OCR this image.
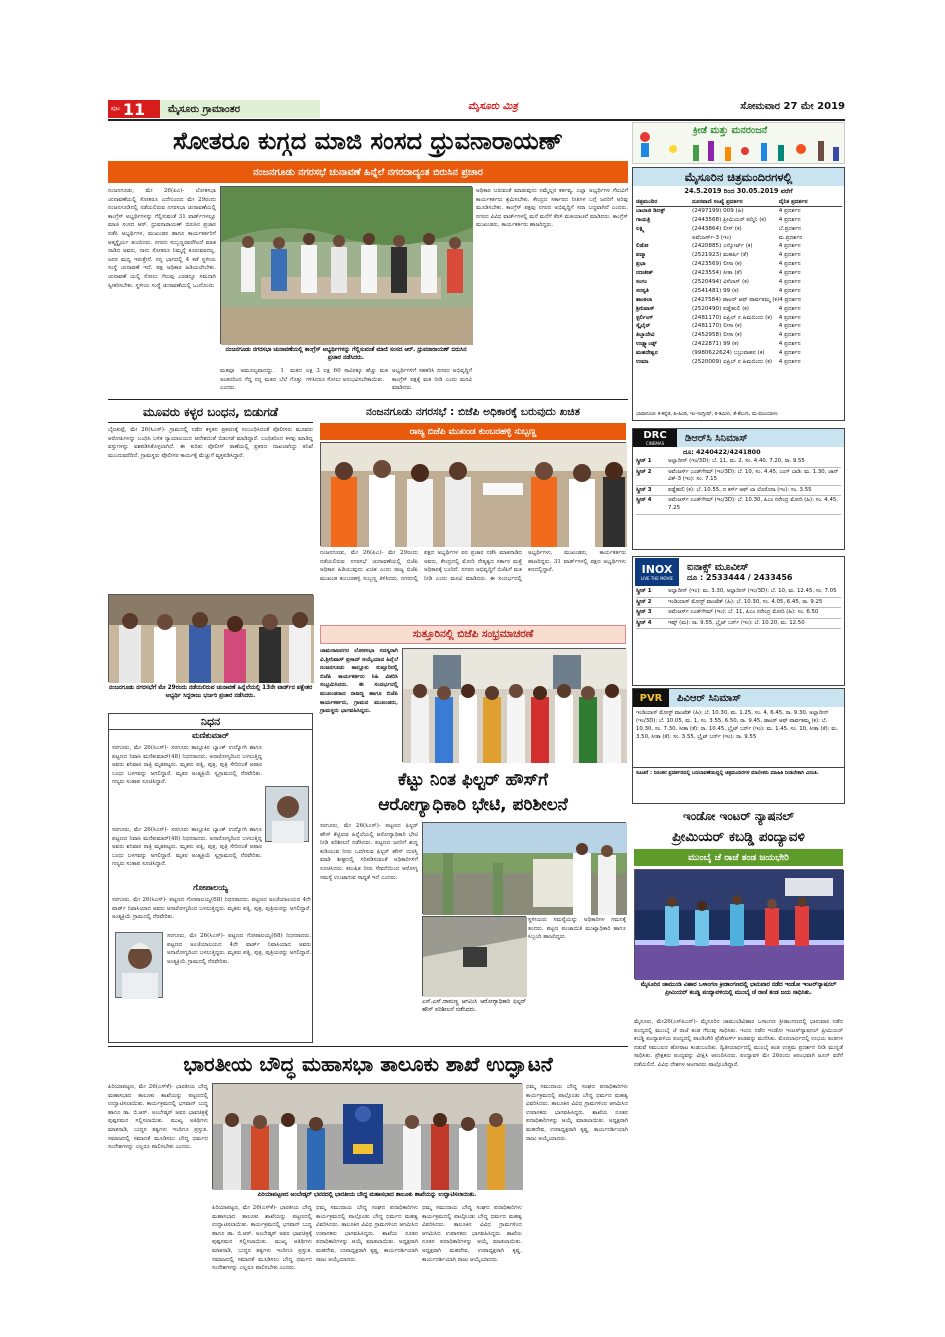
ಪುಟ 11 ಮೈಸೂರು ಗ್ರಾಮಾಂತರ	ಮೈಸೂರು ಮಿತ್ರ	ಸೋಮವಾರ 27 ಮೇ 2019
ಸೋತರೂ ಕುಗ್ಗದ ಮಾಜಿ ಸಂಸದ ಧ್ರುವನಾರಾಯಣ್
ನಂಜನಗೂಡು ನಗರಸಭೆ ಚುನಾವಣೆ ಹಿನ್ನೆಲೆ ನಗರದಾದ್ಯಂತ ಬಿರುಸಿನ ಪ್ರಚಾರ
ಕ್ರೀಡೆ ಮತ್ತು ಮನರಂಜನೆ
ನಂಜನಗೂಡು, ಮೇ 26(ಪಿಎ)- ಲೋಕಸಭಾ ಚುನಾವಣೆಯಲ್ಲಿ ಸೋತರೂ ಎದೆಗುಂದದ ಮೇ 29ರಂದು ನಂಜನಗೂಡಿನಲ್ಲಿ ನಡೆಯಲಿರುವ ನಗರಸಭಾ ಚುನಾವಣೆಯಲ್ಲಿ ಕಾಂಗ್ರೆಸ್ ಅಭ್ಯರ್ಥಿಗಳನ್ನು ಗೆಲ್ಲಿಸುವಂತೆ 31 ವಾರ್ಡ್‌ಗಳಲ್ಲೂ ಮಾಜಿ ಸಂಸದ ಆರ್. ಧ್ರುವನಾರಾಯಣ್ ಬಿರುಸಿನ ಪ್ರಚಾರ ನಡೆಸಿ ಅಭ್ಯರ್ಥಿಗಳ, ಮುಖಂಡರ ಹಾಗೂ ಕಾರ್ಯಕರ್ತರಿಗೆ ಆತ್ಮಸ್ಥೈರ್ಯ ತುಂಬಿದರು. ನಗರದ ಸುಬ್ಬಣ್ಣರವರೆಗಿಂದೆ ಮಾತ ನಾಡಿದ ಅವರು, ನಾನು ಸೋತರೂ ನಿಮ್ಮನ್ನೆ ಕೂರುವವನಲ್ಲ. ಜನರ ಮಧ್ಯ ಇರುತ್ತೇನೆ. ನನ್ನ ಭಾಗದಲ್ಲಿ 4 ಕಡೆ ಸ್ಥಳೀಯ ಸಂಸ್ಥೆ ಚುನಾವಣೆ ಇದೆ. ಪಕ್ಷ ಅಧಿಕಾರ ಹಿಡಿಯಲೇಬೇಕು. ಚುನಾವಣೆ ಯಲ್ಲಿ ಸೋಲು ಗೆಲುವು ಎರಡನ್ನೂ ಸಮನಾಗಿ ಸ್ವೀಕರಿಸಬೇಕು. ಸ್ಥಳೀಯ ಸಂಸ್ಥೆ ಚುನಾವಣೆಯಲ್ಲಿ ಒಂದೊಂದು
ನಂಜನಗೂಡು ನಗರಸಭಾ ಚುನಾವಣೆಯಲ್ಲಿ ಕಾಂಗ್ರೆಸ್ ಅಭ್ಯರ್ಥಿಗಳನ್ನು ಗೆಲ್ಲಿಸುವಂತೆ ಮಾಜಿ ಸಂಸದ ಆರ್. ಧ್ರುವನಾರಾಯಣ್ ಬಿರುಸಿನ ಪ್ರಚಾರ ನಡೆಸಿದರು.
ಅಧಿಕಾರ ಬರುವಂತೆ ಮಾಡುವುದು ನಮ್ಮೆಲ್ಲರ ಕರ್ತವ್ಯ. ಎಲ್ಲಾ ಅಭ್ಯರ್ಥಿಗಳ ಗೆಲುವಿಗೆ ಕಾರ್ಯಕರ್ತರು ಶ್ರಮಿಸಬೇಕು. ಕೇಂದ್ರದ ಸರ್ಕಾರದ ನೀತಿಗಳ ಬಗ್ಗೆ ಜನರಿಗೆ ಅರಿವು ಮೂಡಿಸಬೇಕು. ಕಾಂಗ್ರೆಸ್ ಪಕ್ಷವು ನಗರದ ಅಭಿವೃದ್ಧಿಗೆ ಸದಾ ಬದ್ಧವಾಗಿದೆ ಎಂದರು. ನಗರದ ವಿವಿಧ ವಾರ್ಡ್‌ಗಳಲ್ಲಿ ಮನೆ ಮನೆಗೆ ತೆರಳಿ ಮತಯಾಚನೆ ಮಾಡಿದರು. ಕಾಂಗ್ರೆಸ್ ಮುಖಂಡರು, ಕಾರ್ಯಕರ್ತರು ಹಾಜರಿದ್ದರು.
ಮತವೂ ಅಮೂಲ್ಯವಾದದ್ದು. 1 ಮತದ ಅಂತರದಿಂದ ಗೆದ್ದ ನನ್ನ ಮತದ ಬೆಲೆ ಗೊತ್ತು ಎಂದರು.
ಲಕ್ಷ 3 ಲಕ್ಷ 60 ಸಾವಿರಕ್ಕೂ ಹೆಚ್ಚು ಮತ ಗಳಿಸಿದರೂ ಸೋಲು ಅನುಭವಿಸಬೇಕಾಯಿತು.
ಅಭ್ಯರ್ಥಿಗಳಿಗೆ ಸಹಕರಿಸಿ ನಗರದ ಅಭಿವೃದ್ಧಿಗೆ ಕಾಂಗ್ರೆಸ್ ಪಕ್ಷಕ್ಕೆ ಮತ ನೀಡಿ ಎಂದು ಮನವಿ ಮಾಡಿದರು.
ಮೈಸೂರಿನ ಚಿತ್ರಮಂದಿರಗಳಲ್ಲಿ
24.5.2019 ರಿಂದ 30.05.2019 ವರೆಗೆ
ಚಿತ್ರಮಂದಿರ	ದೂರವಾಣಿ ಸಂಖ್ಯೆ ಪ್ರದರ್ಶನ	ದೈನಿಕ ಪ್ರದರ್ಶನ
ಬಾಲಾಜಿ ಡಿಲಕ್ಸ್	(2497199) 009 (ಹಿ)	4 ಪ್ರದರ್ಶನ
ಗಾಯತ್ರಿ	(2443568) ಪ್ರೀಮಿಯರ್ ಪದ್ಮಿನಿ (ಕ)	4 ಪ್ರದರ್ಶನ
ಲಕ್ಷ್ಮಿ	(2443864) ಲೀಸ್ (ಕ)	ಬೆ.ಪ್ರದರ್ಶನ
ಅವೆಂಜರ್ಸ್-3 (ಇಂ)	ಮ.ಪ್ರದರ್ಶನ
ಲಿಡೋ	(2420885) ಎಸ್ಕೋರ್ಟ್ (ಕ)	4 ಪ್ರದರ್ಶನ
ಪದ್ಮಾ	(2521923) ಮಹರ್ಷಿ (ತೆ)	4 ಪ್ರದರ್ಶನ
ಪ್ರಭಾ	(2423569) ಲೀಸಾ (ಕ)	4 ಪ್ರದರ್ಶನ
ರಣಜೀತ್	(2423554) ಸೀತಾ (ತೆ)	4 ಪ್ರದರ್ಶನ
ಸಂಗಂ	(2520494) ವಿಸೆಲಾಸ್ (ಕ)	4 ಪ್ರದರ್ಶನ
ಸರಸ್ವತಿ	(2541481) 99 (ಕ)	4 ಪ್ರದರ್ಶನ
ಶಾಂತಲಾ	(2427584) ಡಾಟರ್ ಆಫ್ ಪಾರ್ವತಮ್ಮ (ಕ) 4 ಪ್ರದರ್ಶನ
ಶ್ರೀನಿವಾಸ್	(2520490) ಪಡ್ಡೆಹುಲಿ (ಕ)	4 ಪ್ರದರ್ಶನ
ಸ್ಟರ್ಲಿಂಗ್	(2481170) ಏಪ್ರಿಲ್ ನ ಹಿಮಬಿಂದು (ಕ)	4 ಪ್ರದರ್ಶನ
ಸ್ಕೈಲೈನ್	(2481170) ಲೀಸಾ (ಕ)	4 ಪ್ರದರ್ಶನ
ತಿಬ್ಬಾದೇವಿ	(2452958) ಲೀಸಾ (ಕ)	4 ಪ್ರದರ್ಶನ
ಉಡ್ಲ್ಯಾಂಡ್ಸ್	(2422871) 99 (ಕ)	4 ಪ್ರದರ್ಶನ
ಮಹದೇಶ್ವರ	(9980622624) ಬಬ್ರುವಾಹನ (ಕ)	4 ಪ್ರದರ್ಶನ
ಉಮಾ	(2520009) ಏಪ್ರಿಲ್ ನ ಹಿಮಬಿಂದು (ಕ)	4 ಪ್ರದರ್ಶನ
ಭಾಷಾಸೂಚಿ: ಕ-ಕನ್ನಡ, ಹಿ-ಹಿಂದಿ, ಇಂ-ಇಂಗ್ಲೀಷ್, ತ-ತಮಿಳು, ತೆ-ತೆಲುಗು, ಮ-ಮಲಯಾಳಂ
DRC
CINEMAS ಡಿಆರ್‌ಸಿ ಸಿನಿಮಾಸ್
ದೂ: 4240422/4241800
ಸ್ಕ್ರೀನ್ 1	ಅಲ್ಲಾದೀನ್ (ಇಂ/3D): ಬೆ. 11, ಮ. 2, ಸಂ. 4.40, 7.20, ರಾ. 9.55
ಸ್ಕ್ರೀನ್ 2	ಅವೆಂಜರ್ಸ್ ಎಂಡ್‌ಗೇಮ್ (ಇಂ/3D): ಬೆ. 10, ಸಂ. 4.45, ಎಂಗ್ ಬಾಡಿ: ಮ. 1.30, ಜಾನ್ ವಿಕ್-3 (ಇಂ): ಸಂ. 7.15
ಸ್ಕ್ರೀನ್ 3	ಪಡ್ಡೆಹುಲಿ (ಕ): ಬೆ. 10.55, ದ ಕರ್ಸ್ ಆಫ್ ಲಾ ಲೊರೊನಾ (ಇಂ): ಸಂ. 3.55
ಸ್ಕ್ರೀನ್ 4	ಅವೆಂಜರ್ಸ್ ಎಂಡ್‌ಗೇಮ್ (ಇಂ/3D): ಬೆ. 10.30, ಪಿಎಂ ನರೇಂದ್ರ ಮೋದಿ (ಹಿ): ಸಂ. 4.45, 7.25
INOX
LIVE THE MOVIE
ಐನಾಕ್ಸ್ ಮೂವೀಸ್
ದೂ : 2533444 / 2433456
ಸ್ಕ್ರೀನ್ 1	ಅಲ್ಲಾದೀನ್ (ಇಂ): ಮ. 3.30, ಅಲ್ಲಾದೀನ್ (ಇಂ/3D): ಬೆ. 10, ಮ. 12.45, ಸಂ. 7.05
ಸ್ಕ್ರೀನ್ 2	ಇಂಡಿಯಾಸ್ ಮೋಸ್ಟ್ ವಾಂಟೆಡ್ (ಹಿ): ಬೆ. 10.30, ಸಂ. 4.05, 6.45, ರಾ. 9.25
ಸ್ಕ್ರೀನ್ 3	ಅವೆಂಜರ್ಸ್ ಎಂಡ್‌ಗೇಮ್ (ಇಂ): ಬೆ. 11, ಪಿಎಂ ನರೇಂದ್ರ ಮೋದಿ (ಹಿ): ಸಂ. 6.50
ಸ್ಕ್ರೀನ್ 4	ಇಷ್ಕ್ (ಮ): ರಾ. 9.55, ಬ್ರೈಟ್ ಬರ್ನ್ (ಇಂ): ಬೆ. 10.20, ಮ. 12.50
PVR	ಪಿವಿಆರ್ ಸಿನಿಮಾಸ್
ಇಂಡಿಯಾಸ್ ಮೋಸ್ಟ್ ವಾಂಟೆಡ್ (ಹಿ): ಬೆ. 10.30, ಮ. 1.25, ಸಂ. 4, 6.45, ರಾ. 9.30, ಅಲ್ಲಾದೀನ್ (ಇಂ/3D): ಬೆ. 10.05, ಮ. 1, ಸಂ. 3.55, 6.50, ರಾ. 9.45, ಡಾಟರ್ ಆಫ್ ಪಾರ್ವತಮ್ಮ (ಕ): ಬೆ. 10.30, ಸಂ. 7.30, ಸೀತಾ (ತೆ): ರಾ. 10.45, ಬ್ರೈಟ್ ಬರ್ನ್ (ಇಂ): ಮ. 1.45, ಸಂ. 10, ಸೀತಾ (ತೆ): ಮ. 3.50, ಸೀತಾ (ತೆ): ಸಂ. 3.55, ಬ್ರೈಟ್ ಬರ್ನ್ (ಇಂ): ರಾ. 9.55
ಸೂಚನೆ : ನಿರಂತರ ಪ್ರದರ್ಶನದಲ್ಲಿ ಬದಲಾವಣೆಯಿದ್ದಲ್ಲಿ ಚಿತ್ರಮಂದಿರಗಳ ಮಾಲೀಕರು ಮಾಹಿತಿ ನೀಡಬೇಕಾಗಿ ವಿನಂತಿ.
ಮೂವರು ಕಳ್ಳರ ಬಂಧನ, ಬಿಡುಗಡೆ
ಬೈಲಕುಪ್ಪೆ, ಮೇ 26(ಸಿಎಸ್)- ಗ್ರಾಮದಲ್ಲಿ ನಡೆದ ಕಳ್ಳತನ ಪ್ರಕರಣಕ್ಕೆ ಸಂಬಂಧಿಸಿದಂತೆ ಪೊಲೀಸರು ಮೂವರು ಆರೋಪಿಗಳನ್ನು ಬಂಧಿಸಿ ಬಳಿಕ ನ್ಯಾಯಾಲಯದ ಆದೇಶದಂತೆ ಬಿಡುಗಡೆ ಮಾಡಿದ್ದಾರೆ. ಬಂಧಿತರಿಂದ ಕಳವು ಮಾಡಿದ್ದ ವಸ್ತುಗಳನ್ನು ವಶಪಡಿಸಿಕೊಳ್ಳಲಾಗಿದೆ. ಈ ಕುರಿತು ಪೊಲೀಸ್ ಠಾಣೆಯಲ್ಲಿ ಪ್ರಕರಣ ದಾಖಲಾಗಿದ್ದು ತನಿಖೆ ಮುಂದುವರೆದಿದೆ. ಗ್ರಾಮಸ್ಥರು ಪೊಲೀಸರ ಕಾರ್ಯಕ್ಕೆ ಮೆಚ್ಚುಗೆ ವ್ಯಕ್ತಪಡಿಸಿದ್ದಾರೆ.
ನಂಜನಗೂಡು ನಗರಸಭೆಗೆ ಮೇ 29ರಂದು ನಡೆಯಲಿರುವ ಚುನಾವಣೆ ಹಿನ್ನೆಲೆಯಲ್ಲಿ 13ನೇ ವಾರ್ಡ್‌ನ ಪಕ್ಷೇತರ ಅಭ್ಯರ್ಥಿ ಸಿದ್ದರಾಜು ಭರ್ಜರಿ ಪ್ರಚಾರ ನಡೆಸಿದರು.
ನಂಜನಗೂಡು ನಗರಸಭೆ : ಬಿಜೆಪಿ ಅಧಿಕಾರಕ್ಕೆ ಬರುವುದು ಖಚಿತ
ರಾಜ್ಯ ಬಿಜೆಪಿ ಮುಖಂಡ ಕುಂಬರಹಳ್ಳಿ ಸುಬ್ಬಣ್ಣ
ನಂಜನಗೂಡು, ಮೇ 26(ಪಿಎ)- ಮೇ 29ರಂದು ನಡೆಯಲಿರುವ ನಗರಸಭೆ ಚುನಾವಣೆಯಲ್ಲಿ ಬಿಜೆಪಿ ಅಧಿಕಾರ ಹಿಡಿಯುವುದು ಖಚಿತ ಎಂದು ರಾಜ್ಯ ಬಿಜೆಪಿ ಮುಖಂಡ ಕುಂಬರಹಳ್ಳಿ ಸುಬ್ಬಣ್ಣ ತಿಳಿಸಿದರು. ನಗರದಲ್ಲಿ ಪಕ್ಷದ ಅಭ್ಯರ್ಥಿಗಳ ಪರ ಪ್ರಚಾರ ನಡೆಸಿ ಮಾತನಾಡಿದ ಅವರು, ಕೇಂದ್ರದಲ್ಲಿ ಮೋದಿ ನೇತೃತ್ವದ ಸರ್ಕಾರ ಮತ್ತೆ ಅಧಿಕಾರಕ್ಕೆ ಬಂದಿದೆ. ನಗರದ ಅಭಿವೃದ್ಧಿಗೆ ಬಿಜೆಪಿಗೆ ಮತ ನೀಡಿ ಎಂದು ಮನವಿ ಮಾಡಿದರು. ಈ ಸಂದರ್ಭದಲ್ಲಿ ಅಭ್ಯರ್ಥಿಗಳು, ಮುಖಂಡರು, ಕಾರ್ಯಕರ್ತರು ಹಾಜರಿದ್ದರು. 31 ವಾರ್ಡ್‌ಗಳಲ್ಲಿ ಪಕ್ಷದ ಅಭ್ಯರ್ಥಿಗಳು ಕಣದಲ್ಲಿದ್ದಾರೆ.
ಸುತ್ತೂರಿನಲ್ಲಿ ಬಿಜೆಪಿ ಸಂಭ್ರಮಾಚರಣೆ
ಚಾಮರಾಜನಗರ ಲೋಕಸಭಾ ಸದಸ್ಯರಾಗಿ ವಿ.ಶ್ರೀನಿವಾಸ್ ಪ್ರಸಾದ್ ಆಯ್ಕೆಯಾದ ಹಿನ್ನೆಲೆ ನಂಜನಗೂಡು ತಾಲ್ಲೂಕು ಸುತ್ತೂರಿನಲ್ಲಿ ಬಿಜೆಪಿ ಕಾರ್ಯಕರ್ತರು ಸಿಹಿ ವಿತರಿಸಿ ಸಂಭ್ರಮಿಸಿದರು. ಈ ಸಂದರ್ಭದಲ್ಲಿ ಮುಖಂಡರಾದ ರಾಜಣ್ಣ ಹಾಗೂ ಬಿಜೆಪಿ ಕಾರ್ಯಕರ್ತರು, ಗ್ರಾಮದ ಮುಖಂಡರು, ಗ್ರಾಮಸ್ಥರು ಭಾಗವಹಿಸಿದ್ದರು.
ನಿಧನ
ಮಣಿಕುಮಾರ್
ಸರಗೂರು, ಮೇ 26(ಸಿಎಸ್)- ಸರಗೂರು ತಾಲ್ಲೂಕಿನ ಬ್ಯಾಂಕ್ ಉದ್ಯೋಗಿ ಹಾಗೂ ಪಟ್ಟಣದ ನಿವಾಸಿ ಮಣಿಕುಮಾರ್(48) ನಿಧನರಾದರು. ಅನಾರೋಗ್ಯದಿಂದ ಬಳಲುತ್ತಿದ್ದ ಅವರು ಶನಿವಾರ ರಾತ್ರಿ ಮೃತಪಟ್ಟರು. ಮೃತರು ಪತ್ನಿ, ಪುತ್ರ, ಪುತ್ರಿ ಸೇರಿದಂತೆ ಅಪಾರ ಬಂಧು ಬಳಗವನ್ನು ಅಗಲಿದ್ದಾರೆ. ಮೃತರ ಅಂತ್ಯಕ್ರಿಯೆ ಸ್ವಗ್ರಾಮದಲ್ಲಿ ನೆರವೇರಿತು. ಗಣ್ಯರು ಸಂತಾಪ ಸೂಚಿಸಿದ್ದಾರೆ.
ಸರಗೂರು, ಮೇ 26(ಸಿಎಸ್)- ಸರಗೂರು ತಾಲ್ಲೂಕಿನ ಬ್ಯಾಂಕ್ ಉದ್ಯೋಗಿ ಹಾಗೂ ಪಟ್ಟಣದ ನಿವಾಸಿ ಮಣಿಕುಮಾರ್(48) ನಿಧನರಾದರು. ಅನಾರೋಗ್ಯದಿಂದ ಬಳಲುತ್ತಿದ್ದ ಅವರು ಶನಿವಾರ ರಾತ್ರಿ ಮೃತಪಟ್ಟರು. ಮೃತರು ಪತ್ನಿ, ಪುತ್ರ, ಪುತ್ರಿ ಸೇರಿದಂತೆ ಅಪಾರ ಬಂಧು ಬಳಗವನ್ನು ಅಗಲಿದ್ದಾರೆ. ಮೃತರ ಅಂತ್ಯಕ್ರಿಯೆ ಸ್ವಗ್ರಾಮದಲ್ಲಿ ನೆರವೇರಿತು. ಗಣ್ಯರು ಸಂತಾಪ ಸೂಚಿಸಿದ್ದಾರೆ.
ಗೋಪಾಲಯ್ಯ
ಸರಗೂರು, ಮೇ 26(ಸಿಎಸ್)- ಪಟ್ಟಣದ ಗೋಪಾಲಯ್ಯ(68) ನಿಧನರಾದರು. ಪಟ್ಟಣದ ಅಂಚೆಯಾಲಯದ 4ನೇ ವಾರ್ಡ್ ನಿವಾಸಿಯಾದ ಅವರು ಅನಾರೋಗ್ಯದಿಂದ ಬಳಲುತ್ತಿದ್ದರು. ಮೃತರು ಪತ್ನಿ, ಪುತ್ರ, ಪುತ್ರಿಯರನ್ನು ಅಗಲಿದ್ದಾರೆ. ಅಂತ್ಯಕ್ರಿಯೆ ಗ್ರಾಮದಲ್ಲಿ ನೆರವೇರಿತು.
ಸರಗೂರು, ಮೇ 26(ಸಿಎಸ್)- ಪಟ್ಟಣದ ಗೋಪಾಲಯ್ಯ(68) ನಿಧನರಾದರು. ಪಟ್ಟಣದ ಅಂಚೆಯಾಲಯದ 4ನೇ ವಾರ್ಡ್ ನಿವಾಸಿಯಾದ ಅವರು ಅನಾರೋಗ್ಯದಿಂದ ಬಳಲುತ್ತಿದ್ದರು. ಮೃತರು ಪತ್ನಿ, ಪುತ್ರ, ಪುತ್ರಿಯರನ್ನು ಅಗಲಿದ್ದಾರೆ. ಅಂತ್ಯಕ್ರಿಯೆ ಗ್ರಾಮದಲ್ಲಿ ನೆರವೇರಿತು.
ಕೆಟ್ಟು ನಿಂತ ಫಿಲ್ಟರ್ ಹೌಸ್‌ಗೆ
ಆರೋಗ್ಯಾಧಿಕಾರಿ ಭೇಟಿ, ಪರಿಶೀಲನೆ
ಸರಗೂರು, ಮೇ 26(ಸಿಎಸ್)- ಪಟ್ಟಣದ ಫಿಲ್ಟರ್ ಹೌಸ್ ಕೆಟ್ಟಿರುವ ಹಿನ್ನೆಲೆಯಲ್ಲಿ ಆರೋಗ್ಯಾಧಿಕಾರಿ ಭೇಟಿ ನೀಡಿ ಪರಿಶೀಲನೆ ನಡೆಸಿದರು. ಪಟ್ಟಣದ ಜನರಿಗೆ ಶುದ್ಧ ಕುಡಿಯುವ ನೀರು ಒದಗಿಸುವ ಫಿಲ್ಟರ್ ಹೌಸ್ ದುರಸ್ತಿ ಮಾಡಿ ಶೀಘ್ರದಲ್ಲಿ ಸರಿಪಡಿಸುವಂತೆ ಅಧಿಕಾರಿಗಳಿಗೆ ಸೂಚಿಸಿದರು. ಕಲುಷಿತ ನೀರು ಸೇವನೆಯಿಂದ ಆರೋಗ್ಯ ಸಮಸ್ಯೆ ಉಂಟಾಗುವ ಸಾಧ್ಯತೆ ಇದೆ ಎಂದರು.
ಸ್ಥಳೀಯರು ಸಮಸ್ಯೆಯನ್ನು ಅಧಿಕಾರಿಗಳ ಗಮನಕ್ಕೆ ತಂದರು. ಪಟ್ಟಣ ಪಂಚಾಯಿತಿ ಮುಖ್ಯಾಧಿಕಾರಿ ಹಾಗೂ ಸಿಬ್ಬಂದಿ ಹಾಜರಿದ್ದರು.
ಎಸ್.ಎಸ್.ರಾಮಣ್ಣ ಆಗಮಿಸಿ ಆರೋಗ್ಯಾಧಿಕಾರಿ ಫಿಲ್ಟರ್ ಹೌಸ್ ಪರಿಶೀಲನೆ ನಡೆಸಿದರು.
ಇಂಡೋ ಇಂಟರ್ ನ್ಯಾಷನಲ್
ಪ್ರೀಮಿಯರ್ ಕಬಡ್ಡಿ ಪಂದ್ಯಾವಳಿ
ಮುಂಬೈ ಚೆ ರಾಜೆ ತಂಡ ಜಯಭೇರಿ
ಮೈಸೂರಿನ ಚಾಮುಂಡಿ ವಿಹಾರ ಒಳಾಂಗಣ ಕ್ರೀಡಾಂಗಣದಲ್ಲಿ ಭಾನುವಾರ ನಡೆದ ಇಂಡೋ ಇಂಟರ್‌ನ್ಯಾಷನಲ್ ಪ್ರೀಮಿಯರ್ ಕಬಡ್ಡಿ ಪಂದ್ಯಾವಳಿಯಲ್ಲಿ ಮುಂಬೈ ಚೆ ರಾಜೆ ತಂಡ ಜಯ ಸಾಧಿಸಿತು.
ಮೈಸೂರು, ಮೇ26(ಎಸ್‌ಪಿಎನ್)- ಮೈಸೂರಿನ ಚಾಮುಂಡಿವಿಹಾರ ಒಳಾಂಗಣ ಕ್ರೀಡಾಂಗಣದಲ್ಲಿ ಭಾನುವಾರ ನಡೆದ ಪಂದ್ಯದಲ್ಲಿ ಮುಂಬೈ ಚೆ ರಾಜೆ ತಂಡ ಗೆಲುವು ಸಾಧಿಸಿತು. ಇಂದು ನಡೆದ ಇಂಡೋ ಇಂಟರ್‌ನ್ಯಾಷನಲ್ ಪ್ರೀಮಿಯರ್ ಕಬಡ್ಡಿ ಪಂದ್ಯಾವಳಿಯ ಪಂದ್ಯದಲ್ಲಿ ಪಾಂಡಿಚೇರಿ ಪ್ರೆಡೇಟರ್ಸ್ ತಂಡವನ್ನು ಮಣಿಸಿತು. ಮೊದಲಾರ್ಧದಲ್ಲಿ ಉಭಯ ತಂಡಗಳ ನಡುವೆ ಸಮಬಲದ ಹೋರಾಟ ಕಂಡುಬಂದಿತು. ದ್ವಿತೀಯಾರ್ಧದಲ್ಲಿ ಮುಂಬೈ ತಂಡ ಉತ್ತಮ ಪ್ರದರ್ಶನ ನೀಡಿ ಮುನ್ನಡೆ ಸಾಧಿಸಿತು. ಪ್ರೇಕ್ಷಕರು ಪಂದ್ಯವನ್ನು ವೀಕ್ಷಿಸಿ ಆನಂದಿಸಿದರು. ಪಂದ್ಯಾವಳಿ ಮೇ 26ರಂದು ಆರಂಭವಾಗಿ ಜೂನ್ ವರೆಗೆ ನಡೆಯಲಿದೆ. ವಿವಿಧ ದೇಶಗಳ ಆಟಗಾರರು ಪಾಲ್ಗೊಂಡಿದ್ದಾರೆ.
ಭಾರತೀಯ ಬೌದ್ಧ ಮಹಾಸಭಾ ತಾಲೂಕು ಶಾಖೆ ಉದ್ಘಾಟನೆ
ಪಿರಿಯಾಪಟ್ಟಣ, ಮೇ 26(ಎಸ್‌ಕೆ)- ಭಾರತೀಯ ಬೌದ್ಧ ಮಹಾಸಭಾದ ತಾಲೂಕು ಶಾಖೆಯನ್ನು ಪಟ್ಟಣದಲ್ಲಿ ಉದ್ಘಾಟಿಸಲಾಯಿತು. ಕಾರ್ಯಕ್ರಮದಲ್ಲಿ ಭಗವಾನ್ ಬುದ್ಧ ಹಾಗೂ ಡಾ. ಬಿ.ಆರ್. ಅಂಬೇಡ್ಕರ್ ಅವರ ಭಾವಚಿತ್ರಕ್ಕೆ ಪುಷ್ಪನಮನ ಸಲ್ಲಿಸಲಾಯಿತು. ಮುಖ್ಯ ಅತಿಥಿಗಳು ಮಾತನಾಡಿ, ಬುದ್ಧನ ತತ್ವಗಳು ಇಂದಿಗೂ ಪ್ರಸ್ತುತ. ಸಮಾಜದಲ್ಲಿ ಸಮಾನತೆ ಮೂಡಿಸಲು ಬೌದ್ಧ ಧರ್ಮದ ಸಂದೇಶಗಳನ್ನು ಎಲ್ಲರೂ ಪಾಲಿಸಬೇಕು ಎಂದರು.
ಪಿರಿಯಾಪಟ್ಟಣದ ಅಂಬೇಡ್ಕರ್ ಭವನದಲ್ಲಿ ಭಾರತೀಯ ಬೌದ್ಧ ಮಹಾಸಭಾದ ತಾಲೂಕು ಶಾಖೆಯನ್ನು ಉದ್ಘಾಟಿಸಲಾಯಿತು.
ಪಿರಿಯಾಪಟ್ಟಣ, ಮೇ 26(ಎಸ್‌ಕೆ)- ಭಾರತೀಯ ಬೌದ್ಧ ಮಹಾಸಭಾದ ತಾಲೂಕು ಶಾಖೆಯನ್ನು ಪಟ್ಟಣದಲ್ಲಿ ಉದ್ಘಾಟಿಸಲಾಯಿತು. ಕಾರ್ಯಕ್ರಮದಲ್ಲಿ ಭಗವಾನ್ ಬುದ್ಧ ಹಾಗೂ ಡಾ. ಬಿ.ಆರ್. ಅಂಬೇಡ್ಕರ್ ಅವರ ಭಾವಚಿತ್ರಕ್ಕೆ ಪುಷ್ಪನಮನ ಸಲ್ಲಿಸಲಾಯಿತು. ಮುಖ್ಯ ಅತಿಥಿಗಳು ಮಾತನಾಡಿ, ಬುದ್ಧನ ತತ್ವಗಳು ಇಂದಿಗೂ ಪ್ರಸ್ತುತ. ಸಮಾಜದಲ್ಲಿ ಸಮಾನತೆ ಮೂಡಿಸಲು ಬೌದ್ಧ ಧರ್ಮದ ಸಂದೇಶಗಳನ್ನು ಎಲ್ಲರೂ ಪಾಲಿಸಬೇಕು ಎಂದರು.
ಧಮ್ಮ ಸಮುದಾಯ ಬೌದ್ಧ ಸಂಘದ ಪದಾಧಿಕಾರಿಗಳು ಕಾರ್ಯಕ್ರಮದಲ್ಲಿ ಪಾಲ್ಗೊಂಡು ಬೌದ್ಧ ಧರ್ಮದ ಮಹತ್ವ ವಿವರಿಸಿದರು. ತಾಲೂಕಿನ ವಿವಿಧ ಗ್ರಾಮಗಳಿಂದ ಆಗಮಿಸಿದ ಉಪಾಸಕರು ಭಾಗವಹಿಸಿದ್ದರು. ಶಾಖೆಯ ನೂತನ ಪದಾಧಿಕಾರಿಗಳನ್ನು ಆಯ್ಕೆ ಮಾಡಲಾಯಿತು. ಅಧ್ಯಕ್ಷರಾಗಿ ಮಹದೇವ, ಉಪಾಧ್ಯಕ್ಷರಾಗಿ ಕೃಷ್ಣ, ಕಾರ್ಯದರ್ಶಿಯಾಗಿ ರಾಜು ಆಯ್ಕೆಯಾದರು.
ಧಮ್ಮ ಸಮುದಾಯ ಬೌದ್ಧ ಸಂಘದ ಪದಾಧಿಕಾರಿಗಳು ಕಾರ್ಯಕ್ರಮದಲ್ಲಿ ಪಾಲ್ಗೊಂಡು ಬೌದ್ಧ ಧರ್ಮದ ಮಹತ್ವ ವಿವರಿಸಿದರು. ತಾಲೂಕಿನ ವಿವಿಧ ಗ್ರಾಮಗಳಿಂದ ಆಗಮಿಸಿದ ಉಪಾಸಕರು ಭಾಗವಹಿಸಿದ್ದರು. ಶಾಖೆಯ ನೂತನ ಪದಾಧಿಕಾರಿಗಳನ್ನು ಆಯ್ಕೆ ಮಾಡಲಾಯಿತು. ಅಧ್ಯಕ್ಷರಾಗಿ ಮಹದೇವ, ಉಪಾಧ್ಯಕ್ಷರಾಗಿ ಕೃಷ್ಣ, ಕಾರ್ಯದರ್ಶಿಯಾಗಿ ರಾಜು ಆಯ್ಕೆಯಾದರು.
ಧಮ್ಮ ಸಮುದಾಯ ಬೌದ್ಧ ಸಂಘದ ಪದಾಧಿಕಾರಿಗಳು ಕಾರ್ಯಕ್ರಮದಲ್ಲಿ ಪಾಲ್ಗೊಂಡು ಬೌದ್ಧ ಧರ್ಮದ ಮಹತ್ವ ವಿವರಿಸಿದರು. ತಾಲೂಕಿನ ವಿವಿಧ ಗ್ರಾಮಗಳಿಂದ ಆಗಮಿಸಿದ ಉಪಾಸಕರು ಭಾಗವಹಿಸಿದ್ದರು. ಶಾಖೆಯ ನೂತನ ಪದಾಧಿಕಾರಿಗಳನ್ನು ಆಯ್ಕೆ ಮಾಡಲಾಯಿತು. ಅಧ್ಯಕ್ಷರಾಗಿ ಮಹದೇವ, ಉಪಾಧ್ಯಕ್ಷರಾಗಿ ಕೃಷ್ಣ, ಕಾರ್ಯದರ್ಶಿಯಾಗಿ ರಾಜು ಆಯ್ಕೆಯಾದರು.
